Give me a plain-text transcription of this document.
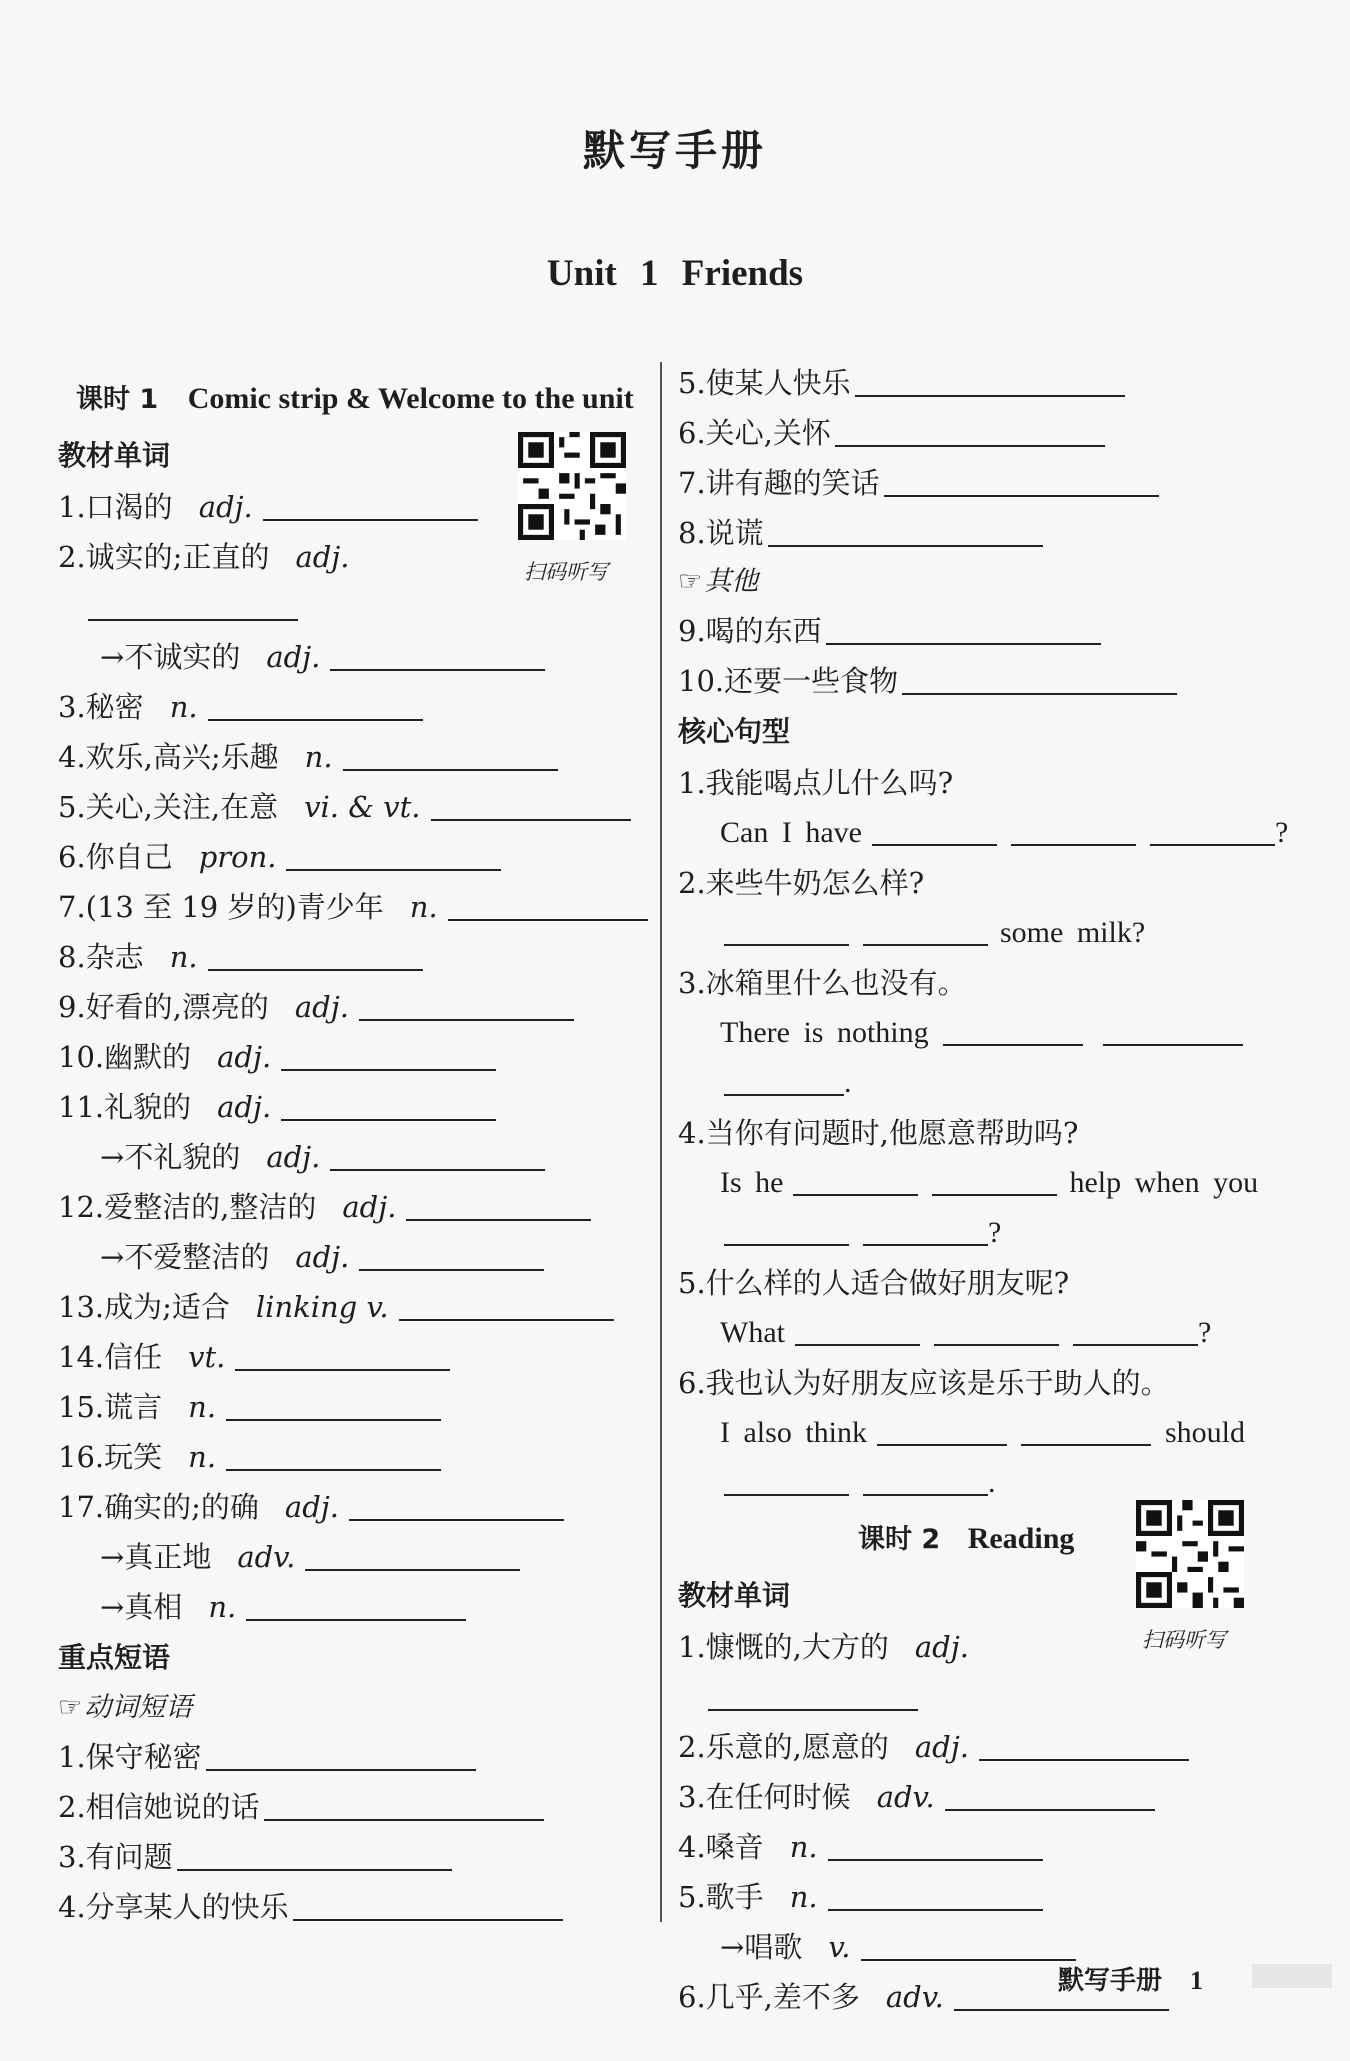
默写手册
Unit 1 Friends
课时 1 Comic strip & Welcome to the unit
教材单词
1.口渴的 adj.
2.诚实的;正直的 adj.
→不诚实的 adj.
3.秘密 n.
4.欢乐,高兴;乐趣 n.
5.关心,关注,在意 vi. & vt.
6.你自己 pron.
7.(13 至 19 岁的)青少年 n.
8.杂志 n.
9.好看的,漂亮的 adj.
10.幽默的 adj.
11.礼貌的 adj.
→不礼貌的 adj.
12.爱整洁的,整洁的 adj.
→不爱整洁的 adj.
13.成为;适合 linking v.
14.信任 vt.
15.谎言 n.
16.玩笑 n.
17.确实的;的确 adj.
→真正地 adv.
→真相 n.
重点短语
☞动词短语
1.保守秘密
2.相信她说的话
3.有问题
4.分享某人的快乐
扫码听写
5.使某人快乐
6.关心,关怀
7.讲有趣的笑话
8.说谎
☞其他
9.喝的东西
10.还要一些食物
核心句型
1.我能喝点儿什么吗?
Can I have	?
2.来些牛奶怎么样?
some milk?
3.冰箱里什么也没有。
There is nothing
.
4.当你有问题时,他愿意帮助吗?
Is he	help when you
?
5.什么样的人适合做好朋友呢?
What	?
6.我也认为好朋友应该是乐于助人的。
I also think	should
.
课时 2 Reading
教材单词
1.慷慨的,大方的 adj.
2.乐意的,愿意的 adj.
3.在任何时候 adv.
4.嗓音 n.
5.歌手 n.
→唱歌 v.
6.几乎,差不多 adv.
扫码听写
默写手册 1
